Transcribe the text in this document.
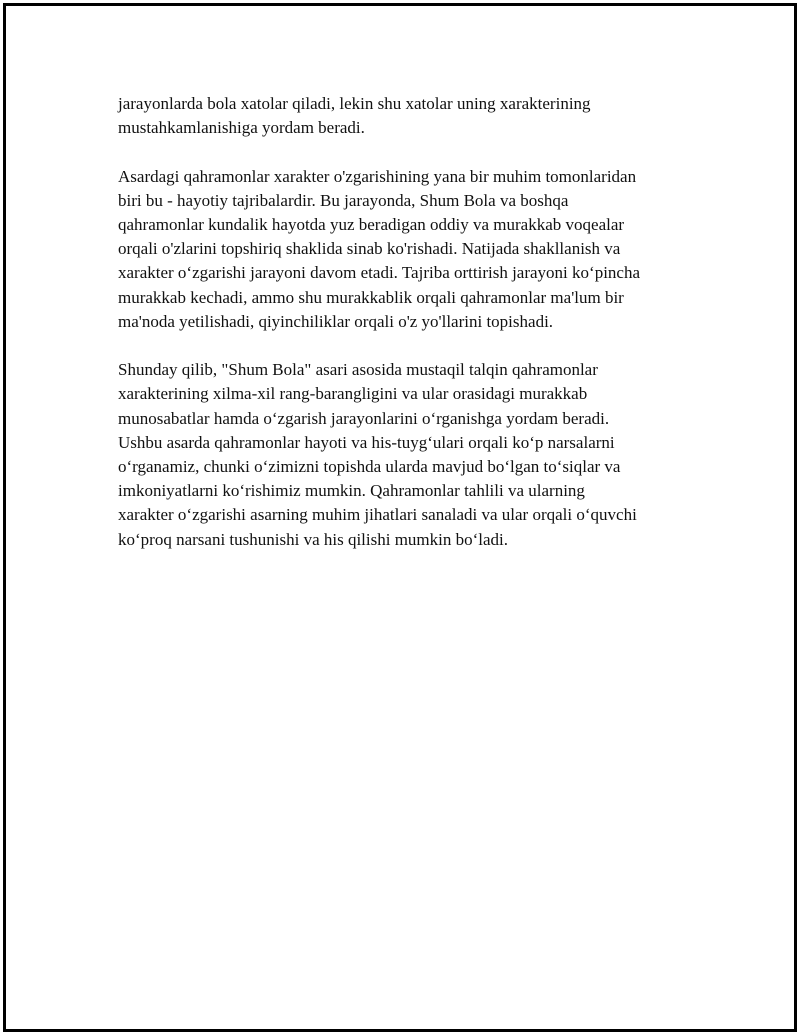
jarayonlarda bola xatolar qiladi, lekin shu xatolar uning xarakterining
mustahkamlanishiga yordam beradi.

Asardagi qahramonlar xarakter o'zgarishining yana bir muhim tomonlaridan
biri bu - hayotiy tajribalardir. Bu jarayonda, Shum Bola va boshqa
qahramonlar kundalik hayotda yuz beradigan oddiy va murakkab voqealar
orqali o'zlarini topshiriq shaklida sinab ko'rishadi. Natijada shakllanish va
xarakter o‘zgarishi jarayoni davom etadi. Tajriba orttirish jarayoni ko‘pincha
murakkab kechadi, ammo shu murakkablik orqali qahramonlar ma'lum bir
ma'noda yetilishadi, qiyinchiliklar orqali o'z yo'llarini topishadi.

Shunday qilib, "Shum Bola" asari asosida mustaqil talqin qahramonlar
xarakterining xilma-xil rang-barangligini va ular orasidagi murakkab
munosabatlar hamda o‘zgarish jarayonlarini o‘rganishga yordam beradi.
Ushbu asarda qahramonlar hayoti va his-tuyg‘ulari orqali ko‘p narsalarni
o‘rganamiz, chunki o‘zimizni topishda ularda mavjud bo‘lgan to‘siqlar va
imkoniyatlarni ko‘rishimiz mumkin. Qahramonlar tahlili va ularning
xarakter o‘zgarishi asarning muhim jihatlari sanaladi va ular orqali o‘quvchi
ko‘proq narsani tushunishi va his qilishi mumkin bo‘ladi.
